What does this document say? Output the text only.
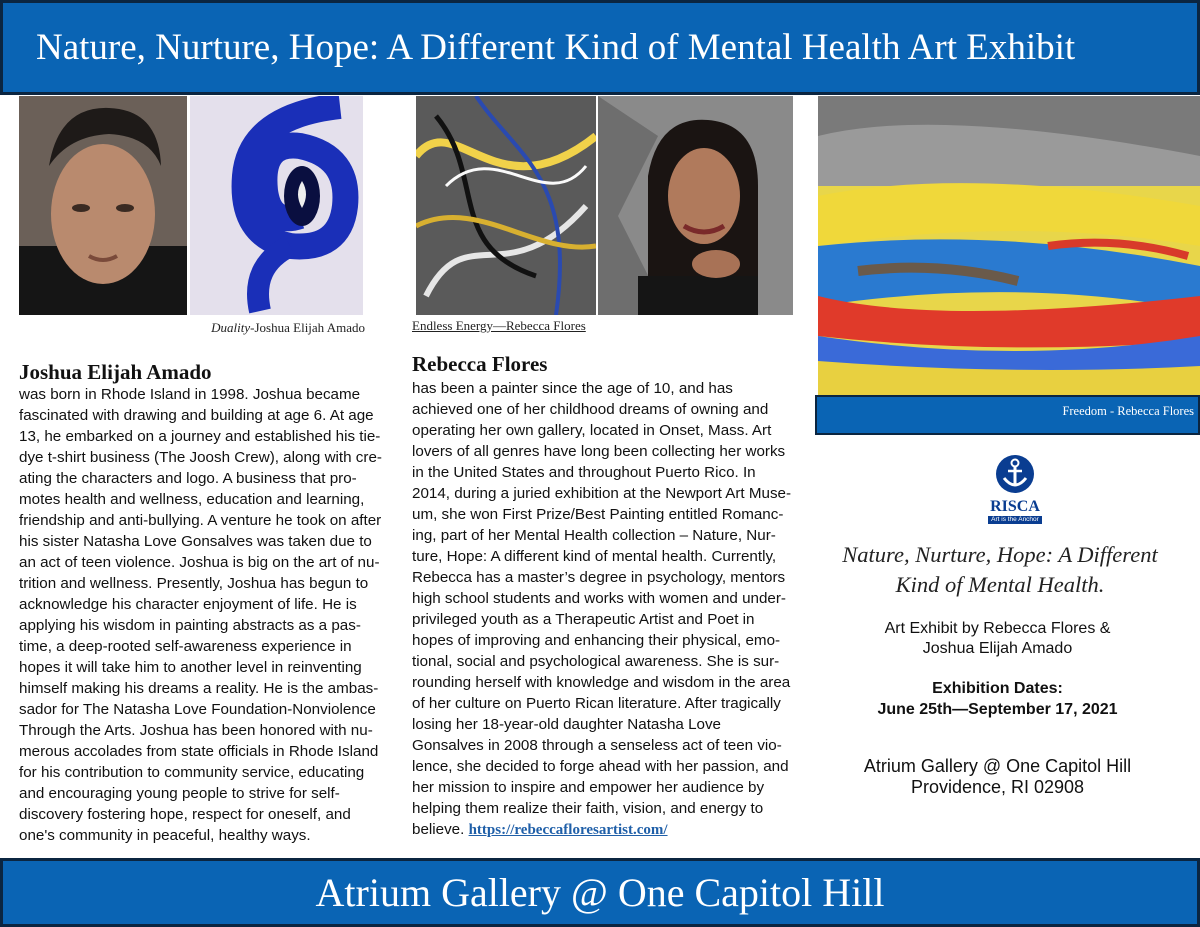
Nature, Nurture, Hope: A Different Kind of Mental Health Art Exhibit
Duality-Joshua Elijah Amado	Endless Energy—Rebecca Flores
Freedom - Rebecca Flores
Joshua Elijah Amado
was born in Rhode Island in 1998. Joshua became
fascinated with drawing and building at age 6. At age
13, he embarked on a journey and established his tie-
dye t-shirt business (The Joosh Crew), along with cre-
ating the characters and logo. A business that pro-
motes health and wellness, education and learning,
friendship and anti-bullying. A venture he took on after
his sister Natasha Love Gonsalves was taken due to
an act of teen violence. Joshua is big on the art of nu-
trition and wellness. Presently, Joshua has begun to
acknowledge his character enjoyment of life. He is
applying his wisdom in painting abstracts as a pas-
time, a deep-rooted self-awareness experience in
hopes it will take him to another level in reinventing
himself making his dreams a reality. He is the ambas-
sador for The Natasha Love Foundation-Nonviolence
Through the Arts. Joshua has been honored with nu-
merous accolades from state officials in Rhode Island
for his contribution to community service, educating
and encouraging young people to strive for self-
discovery fostering hope, respect for oneself, and
one's community in peaceful, healthy ways.
Rebecca Flores
has been a painter since the age of 10, and has
achieved one of her childhood dreams of owning and
operating her own gallery, located in Onset, Mass. Art
lovers of all genres have long been collecting her works
in the United States and throughout Puerto Rico. In
2014, during a juried exhibition at the Newport Art Muse-
um, she won First Prize/Best Painting entitled Romanc-
ing, part of her Mental Health collection – Nature, Nur-
ture, Hope: A different kind of mental health. Currently,
Rebecca has a master’s degree in psychology, mentors
high school students and works with women and under-
privileged youth as a Therapeutic Artist and Poet in
hopes of improving and enhancing their physical, emo-
tional, social and psychological awareness. She is sur-
rounding herself with knowledge and wisdom in the area
of her culture on Puerto Rican literature. After tragically
losing her 18-year-old daughter Natasha Love
Gonsalves in 2008 through a senseless act of teen vio-
lence, she decided to forge ahead with her passion, and
her mission to inspire and empower her audience by
helping them realize their faith, vision, and energy to
believe. https://rebeccafloresartist.com/
RISCA
Art is the Anchor
Nature, Nurture, Hope: A Different
Kind of Mental Health.
Art Exhibit by Rebecca Flores &
Joshua Elijah Amado
Exhibition Dates:
June 25th—September 17, 2021
Atrium Gallery @ One Capitol Hill
Providence, RI 02908
Atrium Gallery @ One Capitol Hill
